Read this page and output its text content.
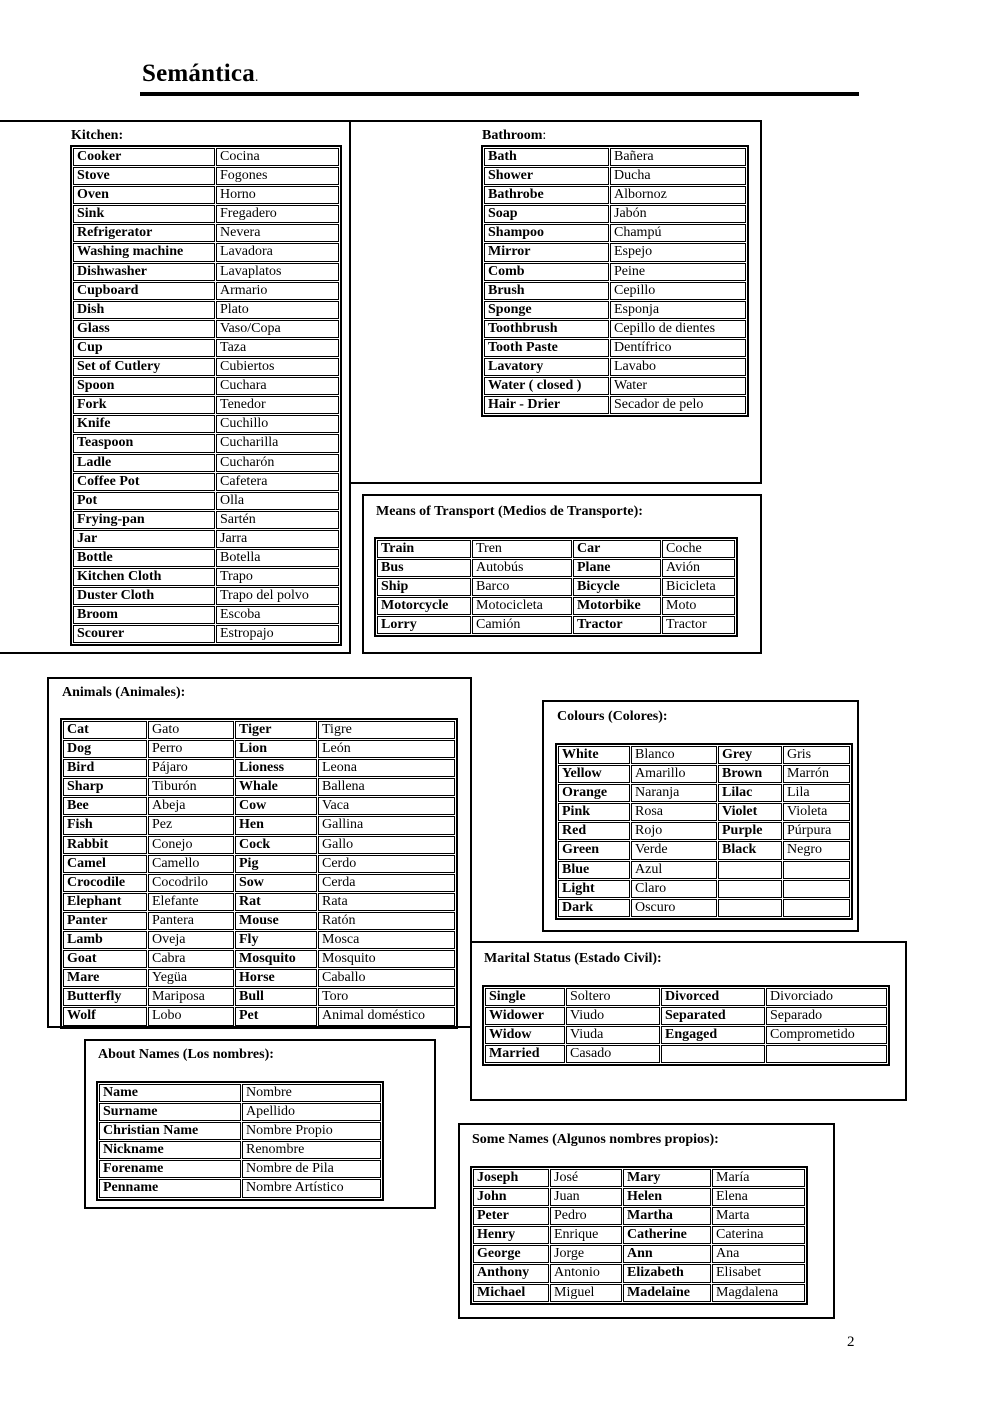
Semántica.
Kitchen:
Cooker	Cocina
Stove	Fogones
Oven	Horno
Sink	Fregadero
Refrigerator	Nevera
Washing machine	Lavadora
Dishwasher	Lavaplatos
Cupboard	Armario
Dish	Plato
Glass	Vaso/Copa
Cup	Taza
Set of Cutlery	Cubiertos
Spoon	Cuchara
Fork	Tenedor
Knife	Cuchillo
Teaspoon	Cucharilla
Ladle	Cucharón
Coffee Pot	Cafetera
Pot	Olla
Frying-pan	Sartén
Jar	Jarra
Bottle	Botella
Kitchen Cloth	Trapo
Duster Cloth	Trapo del polvo
Broom	Escoba
Scourer	Estropajo
Bathroom:
Bath	Bañera
Shower	Ducha
Bathrobe	Albornoz
Soap	Jabón
Shampoo	Champú
Mirror	Espejo
Comb	Peine
Brush	Cepillo
Sponge	Esponja
Toothbrush	Cepillo de dientes
Tooth Paste	Dentífrico
Lavatory	Lavabo
Water ( closed )	Water
Hair - Drier	Secador de pelo
Means of Transport (Medios de Transporte):
Train	Tren	Car	Coche
Bus	Autobús	Plane	Avión
Ship	Barco	Bicycle	Bicicleta
Motorcycle	Motocicleta	Motorbike	Moto
Lorry	Camión	Tractor	Tractor
Animals (Animales):
Cat	Gato	Tiger	Tigre
Dog	Perro	Lion	León
Bird	Pájaro	Lioness	Leona
Sharp	Tiburón	Whale	Ballena
Bee	Abeja	Cow	Vaca
Fish	Pez	Hen	Gallina
Rabbit	Conejo	Cock	Gallo
Camel	Camello	Pig	Cerdo
Crocodile	Cocodrilo	Sow	Cerda
Elephant	Elefante	Rat	Rata
Panter	Pantera	Mouse	Ratón
Lamb	Oveja	Fly	Mosca
Goat	Cabra	Mosquito	Mosquito
Mare	Yegüa	Horse	Caballo
Butterfly	Mariposa	Bull	Toro
Wolf	Lobo	Pet	Animal doméstico
Colours (Colores):
White	Blanco	Grey	Gris
Yellow	Amarillo	Brown	Marrón
Orange	Naranja	Lilac	Lila
Pink	Rosa	Violet	Violeta
Red	Rojo	Purple	Púrpura
Green	Verde	Black	Negro
Blue	Azul		
Light	Claro		
Dark	Oscuro		
Marital Status (Estado Civil):
Single	Soltero	Divorced	Divorciado
Widower	Viudo	Separated	Separado
Widow	Viuda	Engaged	Comprometido
Married	Casado		
About Names (Los nombres):
Name	Nombre
Surname	Apellido
Christian Name	Nombre Propio
Nickname	Renombre
Forename	Nombre de Pila
Penname	Nombre Artístico
Some Names (Algunos nombres propios):
Joseph	José	Mary	María
John	Juan	Helen	Elena
Peter	Pedro	Martha	Marta
Henry	Enrique	Catherine	Caterina
George	Jorge	Ann	Ana
Anthony	Antonio	Elizabeth	Elisabet
Michael	Miguel	Madelaine	Magdalena
2
